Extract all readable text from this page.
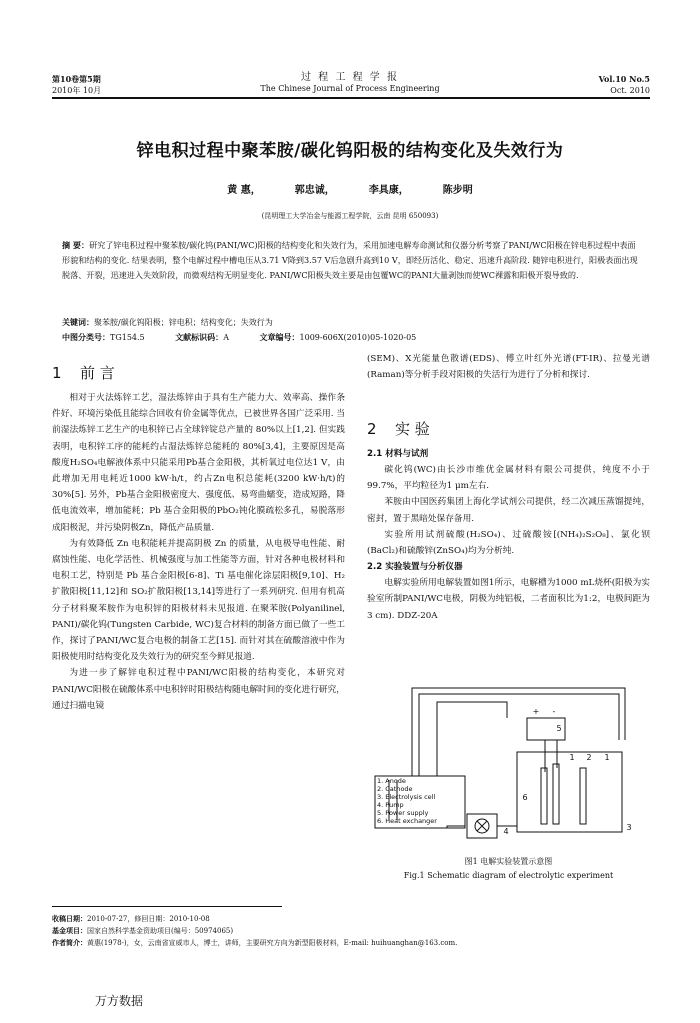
第10卷第5期
2010年 10月
过 程 工 程 学 报
The Chinese Journal of Process Engineering
Vol.10 No.5
Oct. 2010
锌电积过程中聚苯胺/碳化钨阳极的结构变化及失效行为
黄 惠，	郭忠诚，	李具康，	陈步明
(昆明理工大学冶金与能源工程学院，云南 昆明 650093)
摘 要：研究了锌电积过程中聚苯胺/碳化钨(PANI/WC)阳极的结构变化和失效行为，采用加速电解寿命测试和仪器分析考察了PANI/WC阳极在锌电积过程中表面形貌和结构的变化. 结果表明，整个电解过程中槽电压从3.71 V降到3.57 V后急剧升高到10 V，即经历活化、稳定、迅速升高阶段. 随锌电积进行，阳极表面出现脱落、开裂，迅速进入失效阶段，而微观结构无明显变化. PANI/WC阳极失效主要是由包覆WC的PANI大量剥蚀而使WC裸露和阳极开裂导致的.
关键词：聚苯胺/碳化钨阳极；锌电积；结构变化；失效行为
中图分类号：TG154.5	文献标识码：A	文章编号：1009-606X(2010)05-1020-05
1 前 言

相对于火法炼锌工艺，湿法炼锌由于具有生产能力大、效率高、操作条件好、环境污染低且能综合回收有价金属等优点，已被世界各国广泛采用. 当前湿法炼锌工艺生产的电积锌已占全球锌锭总产量的 80%以上[1,2]. 但实践表明，电积锌工序的能耗约占湿法炼锌总能耗的 80%[3,4]，主要原因是高酸度H₂SO₄电解液体系中只能采用Pb基合金阳极，其析氧过电位达1 V，由此增加无用电耗近1000 kW·h/t，约占Zn电积总能耗(3200 kW·h/t)的30%[5]. 另外，Pb基合金阳极密度大、强度低、易弯曲蠕变，造成短路，降低电流效率，增加能耗；Pb 基合金阳极的PbO₂钝化膜疏松多孔，易脱落形成阳极泥，并污染阴极Zn，降低产品质量.

为有效降低 Zn 电积能耗并提高阴极 Zn 的质量，从电极导电性能、耐腐蚀性能、电化学活性、机械强度与加工性能等方面，针对各种电极材料和电积工艺，特别是 Pb 基合金阳极[6-8]、Ti 基电催化涂层阳极[9,10]、H₂扩散阳极[11,12]和 SO₂扩散阳极[13,14]等进行了一系列研究. 但用有机高分子材料聚苯胺作为电积锌的阳极材料未见报道. 在聚苯胺(Polyanilinel, PANI)/碳化钨(Tungsten Carbide, WC)复合材料的制备方面已做了一些工作，探讨了PANI/WC复合电极的制备工艺[15]. 而针对其在硫酸溶液中作为阳极使用时结构变化及失效行为的研究至今鲜见报道.

为进一步了解锌电积过程中PANI/WC阳极的结构变化，本研究对PANI/WC阳极在硫酸体系中电积锌时阳极结构随电解时间的变化进行研究，通过扫描电镜

(SEM)、X光能量色散谱(EDS)、傅立叶红外光谱(FT-IR)、拉曼光谱(Raman)等分析手段对阳极的失活行为进行了分析和探讨.

2 实 验
2.1 材料与试剂

碳化钨(WC)由长沙市维优金属材料有限公司提供，纯度不小于99.7%，平均粒径为1 μm左右.

苯胺由中国医药集团上海化学试剂公司提供，经二次减压蒸馏提纯，密封，置于黑暗处保存备用.

实验所用试剂硫酸(H₂SO₄)、过硫酸铵[(NH₄)₂S₂O₈]、氯化钡(BaCl₂)和硫酸锌(ZnSO₄)均为分析纯.

2.2 实验装置与分析仪器

电解实验所用电解装置如图1所示，电解槽为1000 mL烧杯(阳极为实验室所制PANI/WC电极，阴极为纯铝板，二者面积比为1:2，电极间距为3 cm). DDZ-20A

6
5
1 2 1
4	3
+ -
1. Anode
2. Cathode
3. Electrolysis cell
4. Pump
5. Power supply
6. Heat exchanger
图1 电解实验装置示意图
Fig.1 Schematic diagram of electrolytic experiment
收稿日期：2010-07-27，修回日期：2010-10-08
基金项目：国家自然科学基金资助项目(编号：50974065)
作者简介：黄惠(1978-)，女，云南省宣威市人，博士，讲师，主要研究方向为新型阳极材料，E-mail: huihuanghan@163.com.
万方数据
